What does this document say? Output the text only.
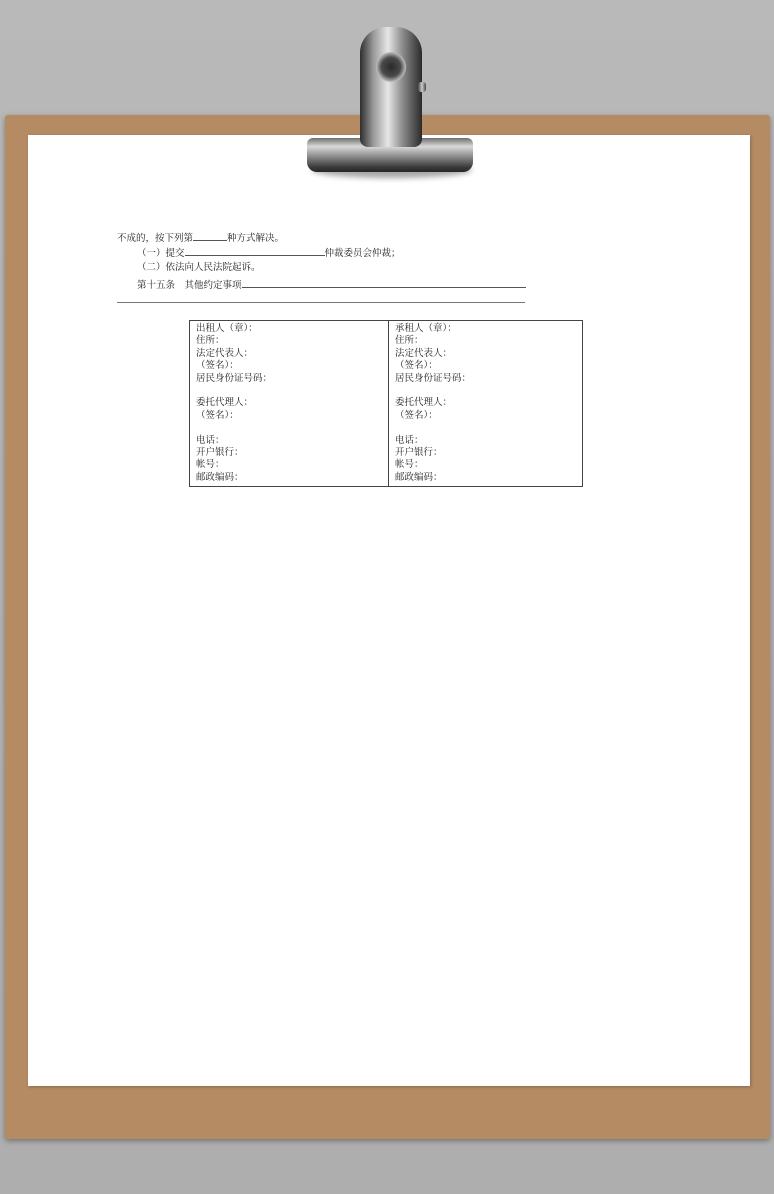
不成的，按下列第	种方式解决。
（一）提交	仲裁委员会仲裁；
（二）依法向人民法院起诉。
第十五条　其他约定事项
出租人（章）：
住所：
法定代表人：
（签名）：
居民身份证号码：
委托代理人：
（签名）：
电话：
开户银行：
帐号：
邮政编码：
承租人（章）：
住所：
法定代表人：
（签名）：
居民身份证号码：
委托代理人：
（签名）：
电话：
开户银行：
帐号：
邮政编码：
